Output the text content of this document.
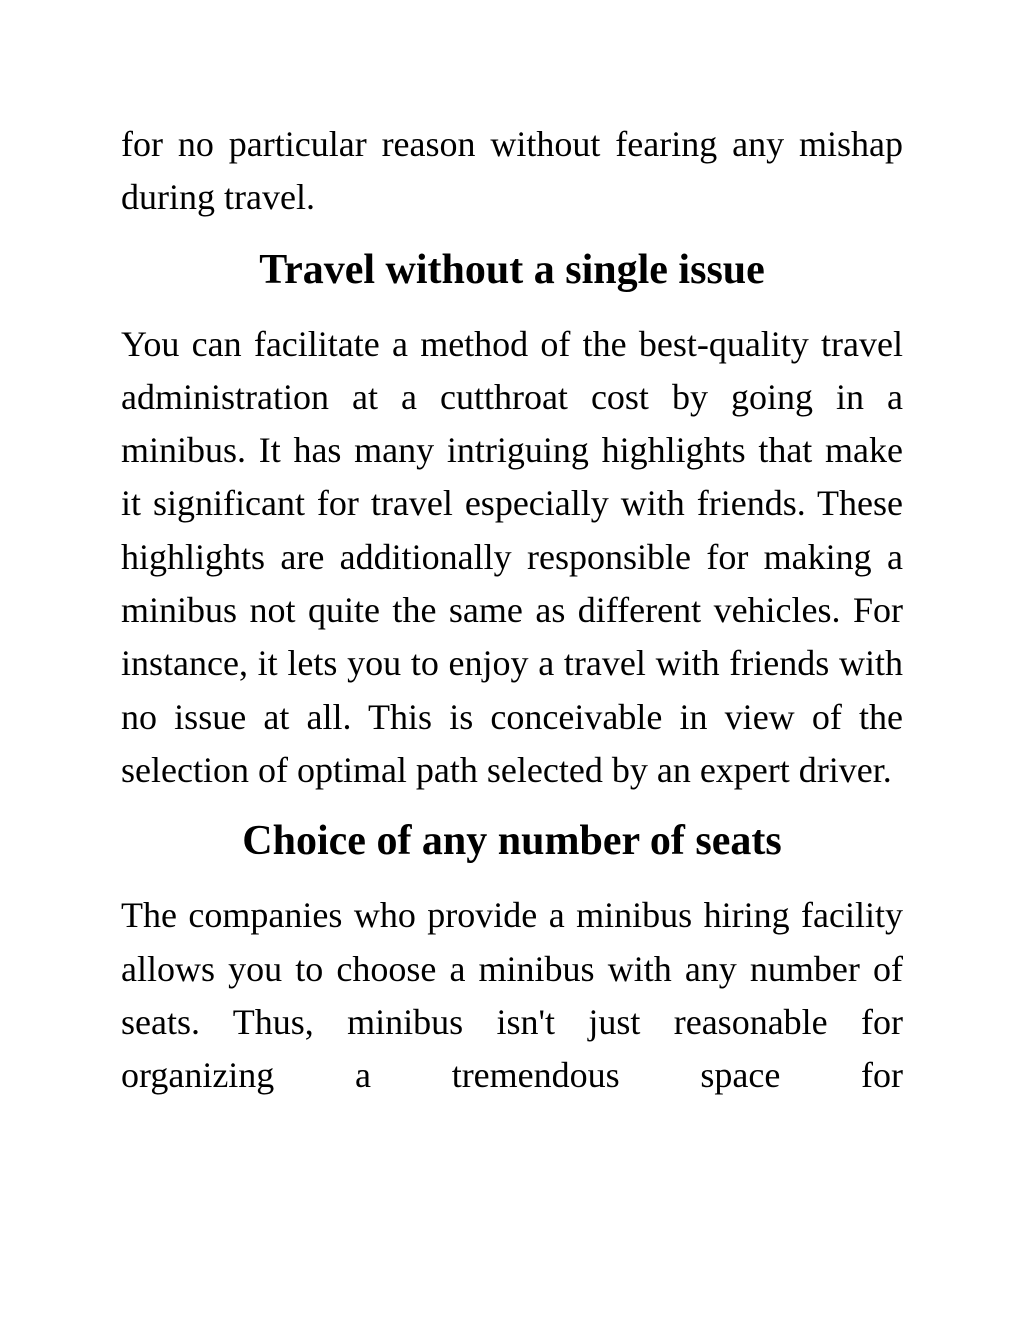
for no particular reason without fearing any mishap during travel.

Travel without a single issue

You can facilitate a method of the best-quality travel administration at a cutthroat cost by going in a minibus. It has many intriguing highlights that make it significant for travel especially with friends. These highlights are additionally responsible for making a minibus not quite the same as different vehicles. For instance, it lets you to enjoy a travel with friends with no issue at all. This is conceivable in view of the selection of optimal path selected by an expert driver.

Choice of any number of seats

The companies who provide a minibus hiring facility allows you to choose a minibus with any number of seats. Thus, minibus isn't just reasonable for organizing a tremendous space for
